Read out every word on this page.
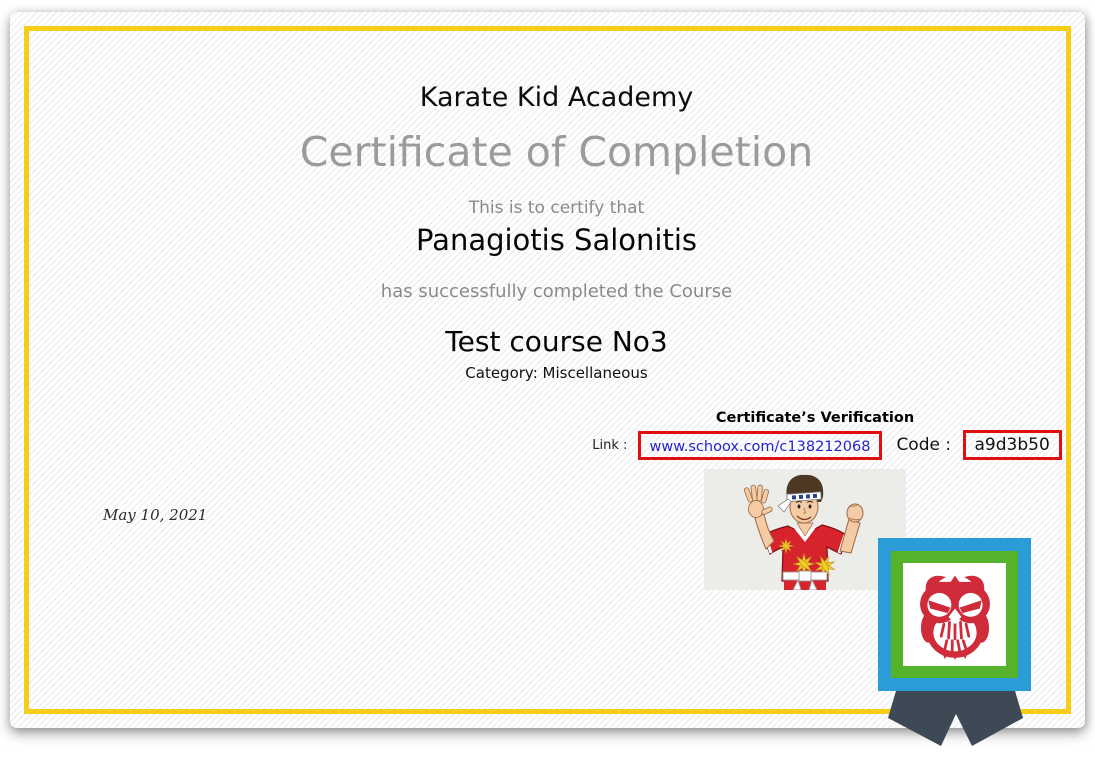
Karate Kid Academy
Certificate of Completion
This is to certify that
Panagiotis Salonitis
has successfully completed the Course
Test course No3
Category: Miscellaneous
Certificate’s Verification
Link :	www.schoox.com/c138212068	Code :	a9d3b50
May 10, 2021
